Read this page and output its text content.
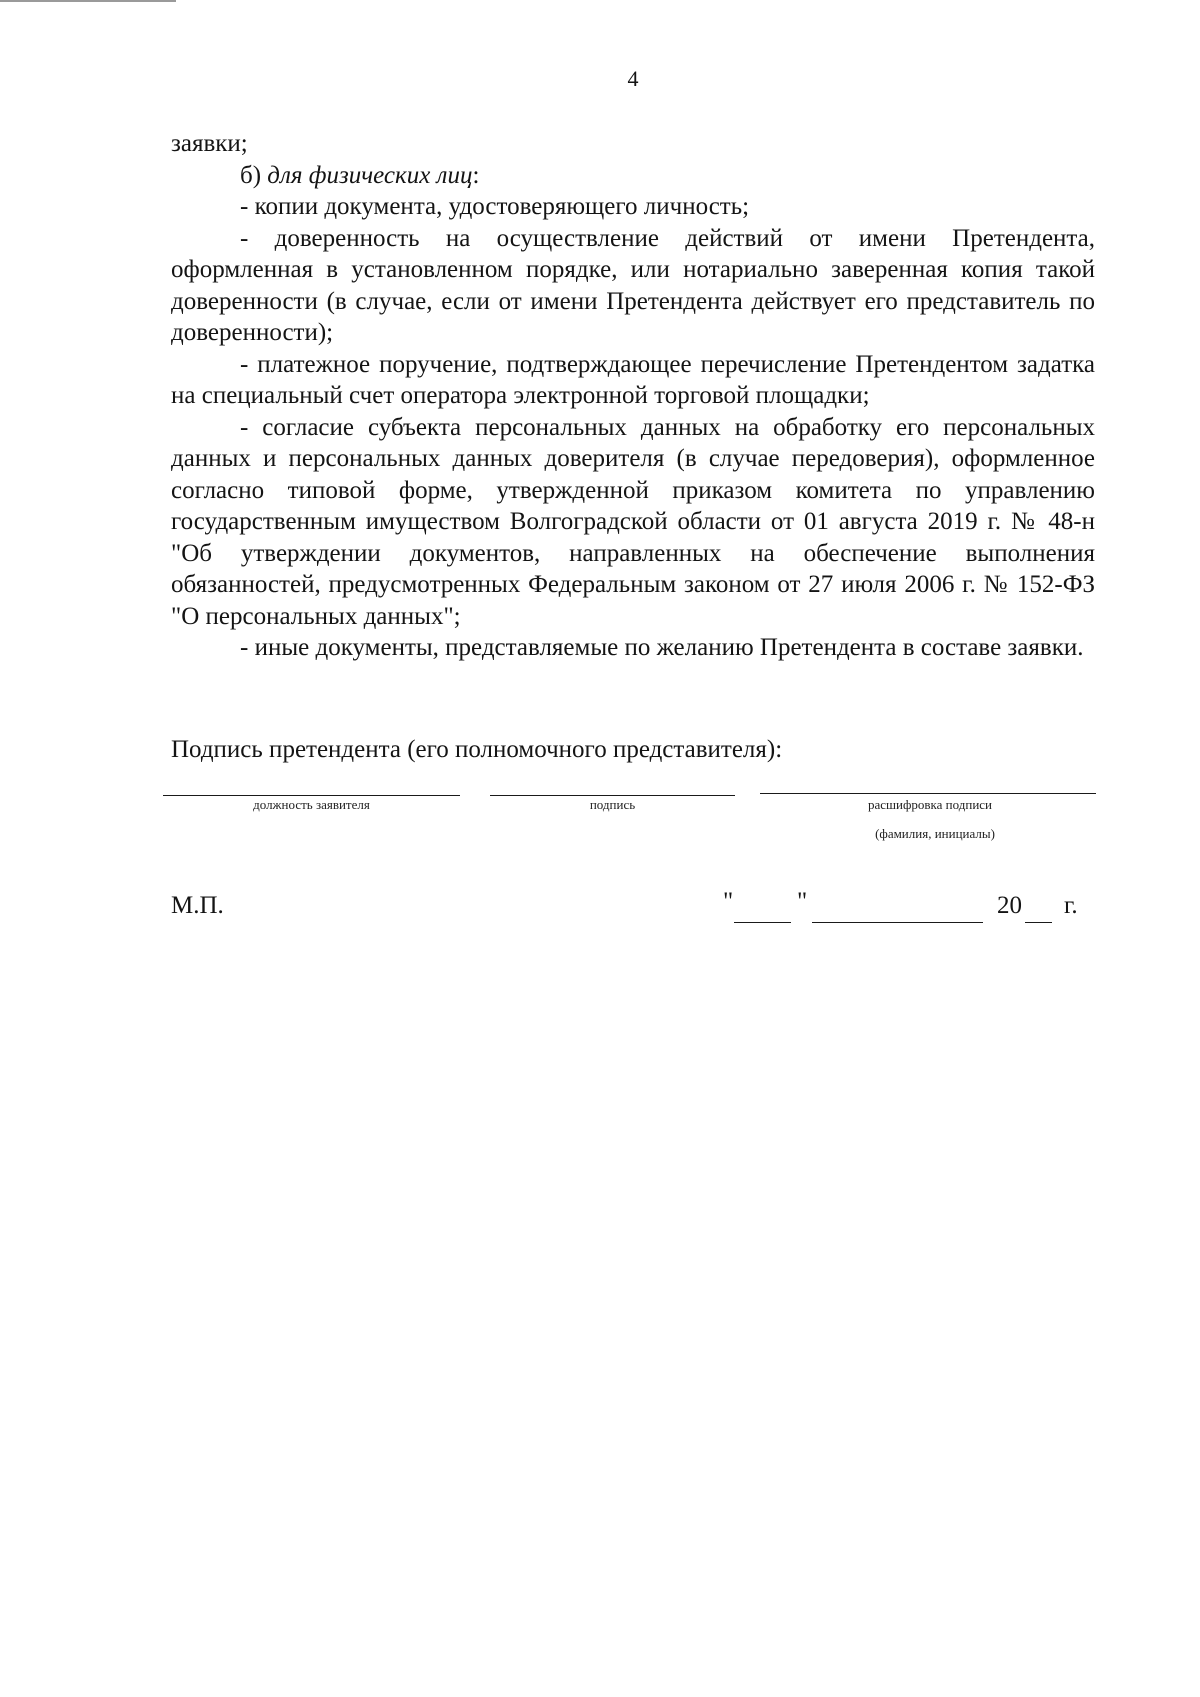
4

заявки;

б) для физических лиц:

- копии документа, удостоверяющего личность;

- доверенность на осуществление действий от имени Претендента, оформленная в установленном порядке, или нотариально заверенная копия такой доверенности (в случае, если от имени Претендента действует его представитель по доверенности);

- платежное поручение, подтверждающее перечисление Претендентом задатка на специальный счет оператора электронной торговой площадки;

- согласие субъекта персональных данных на обработку его персональных данных и персональных данных доверителя (в случае передоверия), оформленное согласно типовой форме, утвержденной приказом комитета по управлению государственным имуществом Волгоградской области от 01 августа 2019 г. № 48-н "Об утверждении документов, направленных на обеспечение выполнения обязанностей, предусмотренных Федеральным законом от 27 июля 2006 г. № 152-ФЗ "О персональных данных";

- иные документы, представляемые по желанию Претендента в составе заявки.

Подпись претендента (его полномочного представителя):
должность заявителя	подпись	расшифровка подписи
(фамилия, инициалы)
М.П.	"	"	20 г.
